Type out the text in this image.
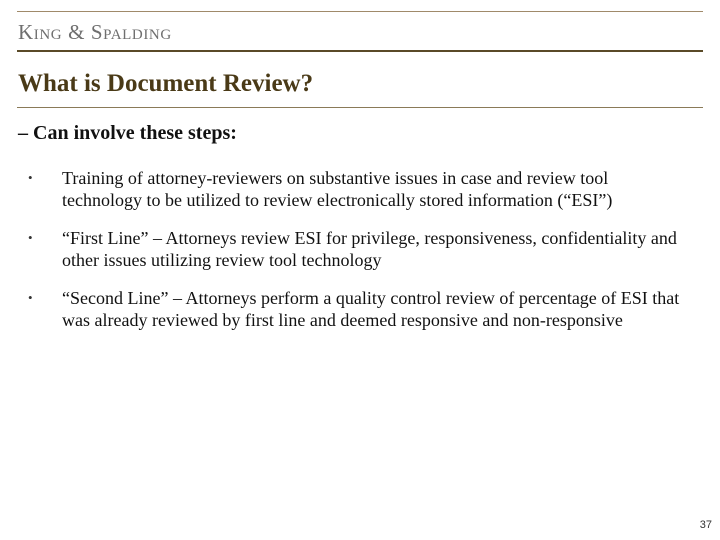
King & Spalding
What is Document Review?
– Can involve these steps:
•	Training of attorney-reviewers on substantive issues in case and review tool technology to be utilized to review electronically stored information (“ESI”)
•	“First Line” – Attorneys review ESI for privilege, responsiveness, confidentiality and other issues utilizing review tool technology
•	“Second Line” – Attorneys perform a quality control review of percentage of ESI that was already reviewed by first line and deemed responsive and non-responsive
37
